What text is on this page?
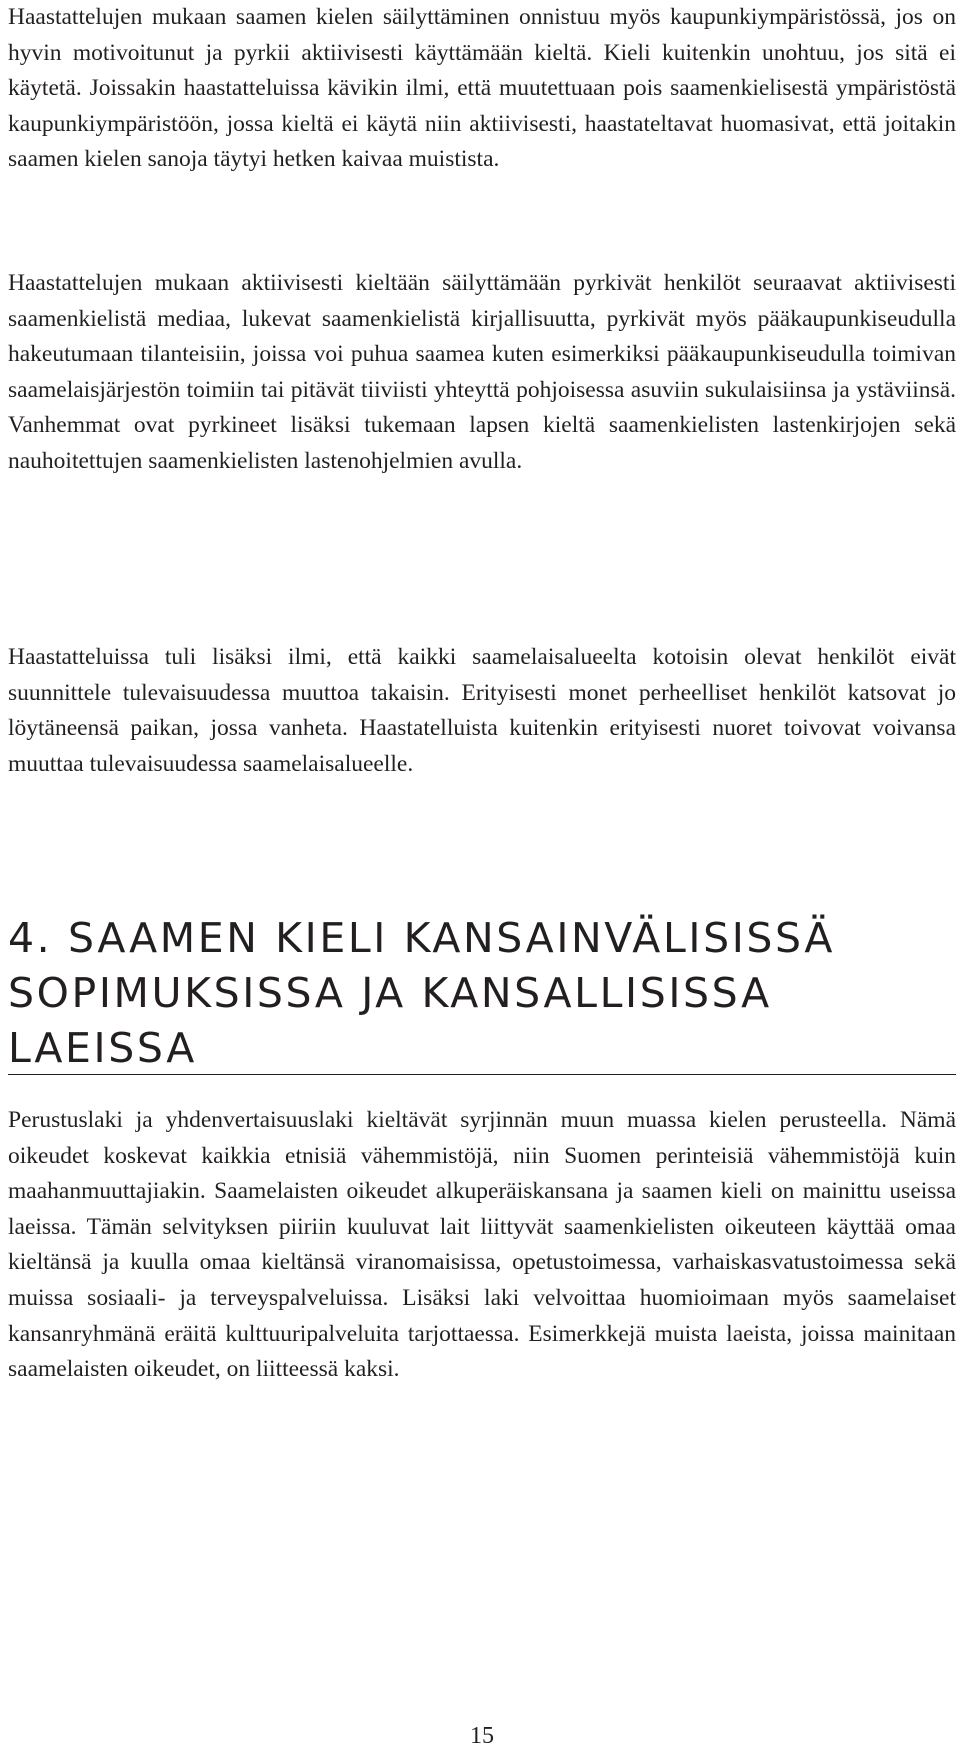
Haastattelujen mukaan saamen kielen säilyttäminen onnistuu myös kaupunkiympäristössä, jos on hyvin motivoitunut ja pyrkii aktiivisesti käyttämään kieltä. Kieli kuitenkin unohtuu, jos sitä ei käytetä. Joissakin haastatteluissa kävikin ilmi, että muutettuaan pois saamenkielisestä ympäristöstä kaupunkiympäristöön, jossa kieltä ei käytä niin aktiivisesti, haastateltavat huomasivat, että joitakin saamen kielen sanoja täytyi hetken kaivaa muistista.

Haastattelujen mukaan aktiivisesti kieltään säilyttämään pyrkivät henkilöt seuraavat aktiivisesti saamenkielistä mediaa, lukevat saamenkielistä kirjallisuutta, pyrkivät myös pääkaupunkiseudulla hakeutumaan tilanteisiin, joissa voi puhua saamea kuten esimerkiksi pääkaupunkiseudulla toimivan saamelaisjärjestön toimiin tai pitävät tiiviisti yhteyttä pohjoisessa asuviin sukulaisiinsa ja ystäviinsä. Vanhemmat ovat pyrkineet lisäksi tukemaan lapsen kieltä saamenkielisten lastenkirjojen sekä nauhoitettujen saamenkielisten lastenohjelmien avulla.

Haastatteluissa tuli lisäksi ilmi, että kaikki saamelaisalueelta kotoisin olevat henkilöt eivät suunnittele tulevaisuudessa muuttoa takaisin. Erityisesti monet perheelliset henkilöt katsovat jo löytäneensä paikan, jossa vanheta. Haastatelluista kuitenkin erityisesti nuoret toivovat voivansa muuttaa tulevaisuudessa saamelaisalueelle.

4. SAAMEN KIELI KANSAINVÄLISISSÄ
SOPIMUKSISSA JA KANSALLISISSA
LAEISSA

Perustuslaki ja yhdenvertaisuuslaki kieltävät syrjinnän muun muassa kielen perusteella. Nämä oikeudet koskevat kaikkia etnisiä vähemmistöjä, niin Suomen perinteisiä vähemmistöjä kuin maahanmuuttajiakin. Saamelaisten oikeudet alkuperäiskansana ja saamen kieli on mainittu useissa laeissa. Tämän selvityksen piiriin kuuluvat lait liittyvät saamenkielisten oikeuteen käyttää omaa kieltänsä ja kuulla omaa kieltänsä viranomaisissa, opetustoimessa, varhaiskasvatustoimessa sekä muissa sosiaali- ja terveyspalveluissa. Lisäksi laki velvoittaa huomioimaan myös saamelaiset kansanryhmänä eräitä kulttuuripalveluita tarjottaessa. Esimerkkejä muista laeista, joissa mainitaan saamelaisten oikeudet, on liitteessä kaksi.

15
